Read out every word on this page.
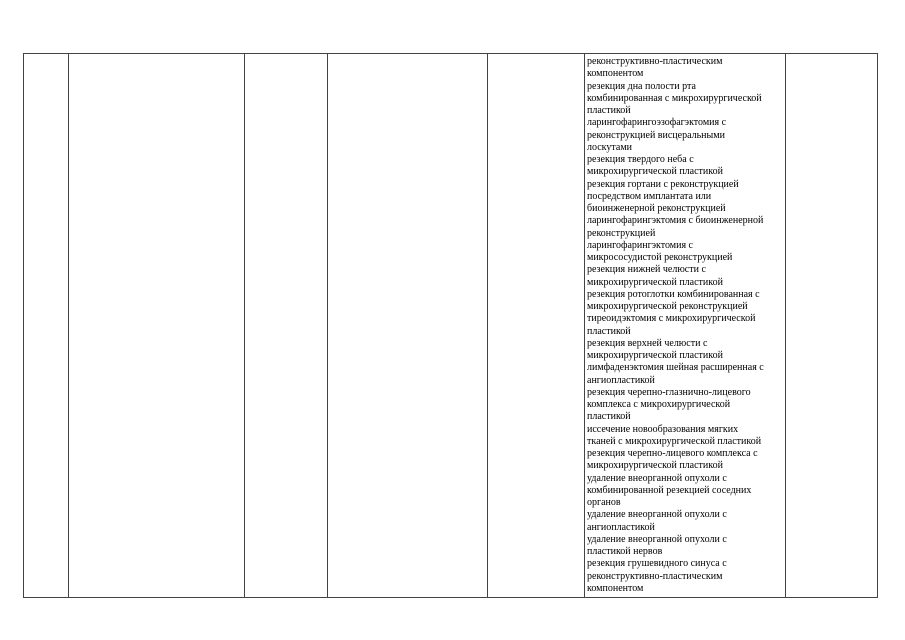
реконструктивно-пластическим
компонентом
резекция дна полости рта
комбинированная с микрохирургической
пластикой
ларингофарингоэзофагэктомия с
реконструкцией висцеральными
лоскутами
резекция твердого неба с
микрохирургической пластикой
резекция гортани с реконструкцией
посредством имплантата или
биоинженерной реконструкцией
ларингофарингэктомия с биоинженерной
реконструкцией
ларингофарингэктомия с
микрососудистой реконструкцией
резекция нижней челюсти с
микрохирургической пластикой
резекция ротоглотки комбинированная с
микрохирургической реконструкцией
тиреоидэктомия с микрохирургической
пластикой
резекция верхней челюсти с
микрохирургической пластикой
лимфаденэктомия шейная расширенная с
ангиопластикой
резекция черепно-глазнично-лицевого
комплекса с микрохирургической
пластикой
иссечение новообразования мягких
тканей с микрохирургической пластикой
резекция черепно-лицевого комплекса с
микрохирургической пластикой
удаление внеорганной опухоли с
комбинированной резекцией соседних
органов
удаление внеорганной опухоли с
ангиопластикой
удаление внеорганной опухоли с
пластикой нервов
резекция грушевидного синуса с
реконструктивно-пластическим
компонентом
